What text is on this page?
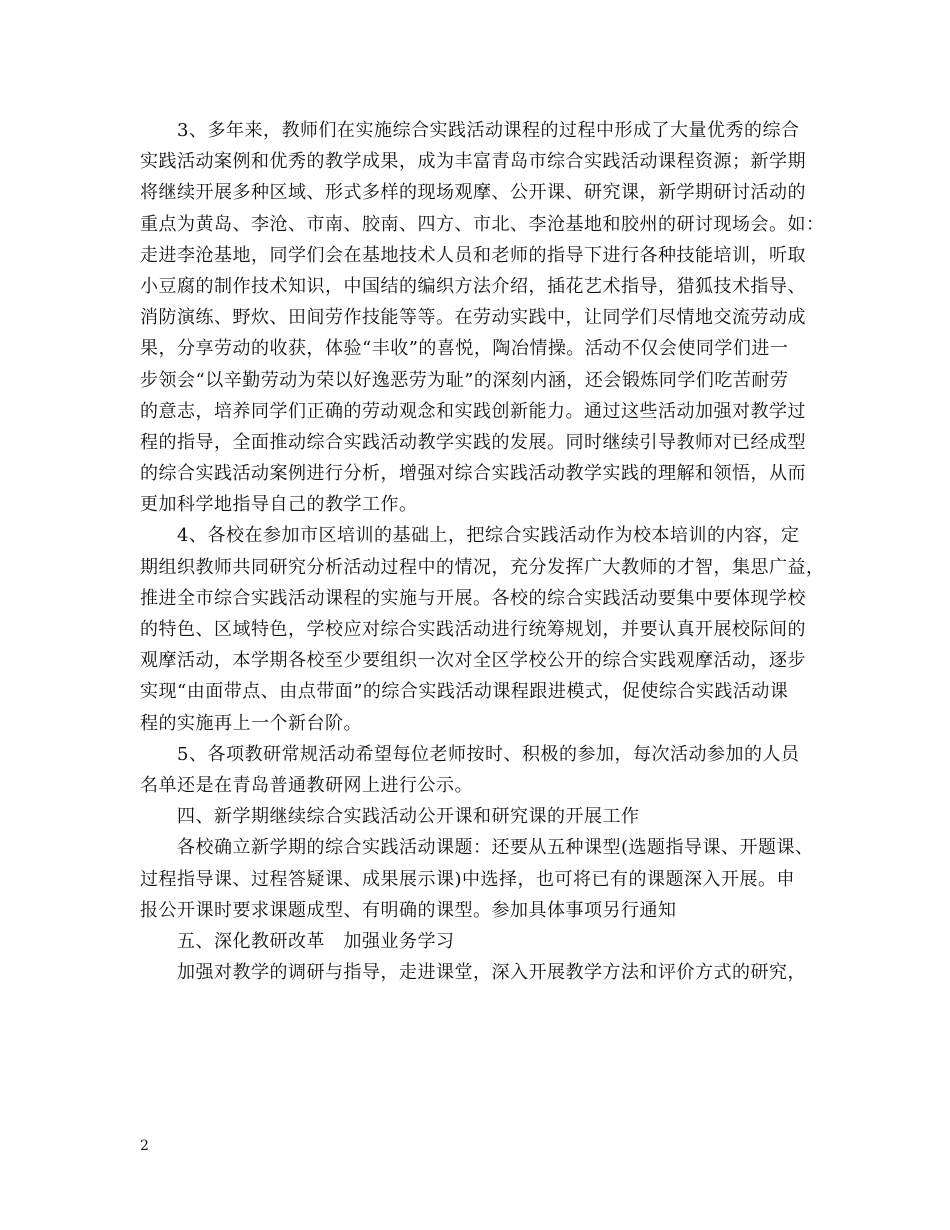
　　3、多年来，教师们在实施综合实践活动课程的过程中形成了大量优秀的综合
实践活动案例和优秀的教学成果，成为丰富青岛市综合实践活动课程资源；新学期
将继续开展多种区域、形式多样的现场观摩、公开课、研究课，新学期研讨活动的
重点为黄岛、李沧、市南、胶南、四方、市北、李沧基地和胶州的研讨现场会。如：
走进李沧基地，同学们会在基地技术人员和老师的指导下进行各种技能培训，听取
小豆腐的制作技术知识，中国结的编织方法介绍，插花艺术指导，猎狐技术指导、
消防演练、野炊、田间劳作技能等等。在劳动实践中，让同学们尽情地交流劳动成
果，分享劳动的收获，体验“丰收”的喜悦，陶冶情操。活动不仅会使同学们进一
步领会“以辛勤劳动为荣以好逸恶劳为耻”的深刻内涵，还会锻炼同学们吃苦耐劳
的意志，培养同学们正确的劳动观念和实践创新能力。通过这些活动加强对教学过
程的指导，全面推动综合实践活动教学实践的发展。同时继续引导教师对已经成型
的综合实践活动案例进行分析，增强对综合实践活动教学实践的理解和领悟，从而
更加科学地指导自己的教学工作。
　　4、各校在参加市区培训的基础上，把综合实践活动作为校本培训的内容，定
期组织教师共同研究分析活动过程中的情况，充分发挥广大教师的才智，集思广益，
推进全市综合实践活动课程的实施与开展。各校的综合实践活动要集中要体现学校
的特色、区域特色，学校应对综合实践活动进行统筹规划，并要认真开展校际间的
观摩活动，本学期各校至少要组织一次对全区学校公开的综合实践观摩活动，逐步
实现“由面带点、由点带面”的综合实践活动课程跟进模式，促使综合实践活动课
程的实施再上一个新台阶。
　　5、各项教研常规活动希望每位老师按时、积极的参加，每次活动参加的人员
名单还是在青岛普通教研网上进行公示。
　　四、新学期继续综合实践活动公开课和研究课的开展工作
　　各校确立新学期的综合实践活动课题：还要从五种课型(选题指导课、开题课、
过程指导课、过程答疑课、成果展示课)中选择，也可将已有的课题深入开展。申
报公开课时要求课题成型、有明确的课型。参加具体事项另行通知
　　五、深化教研改革　加强业务学习
　　加强对教学的调研与指导，走进课堂，深入开展教学方法和评价方式的研究，
2
